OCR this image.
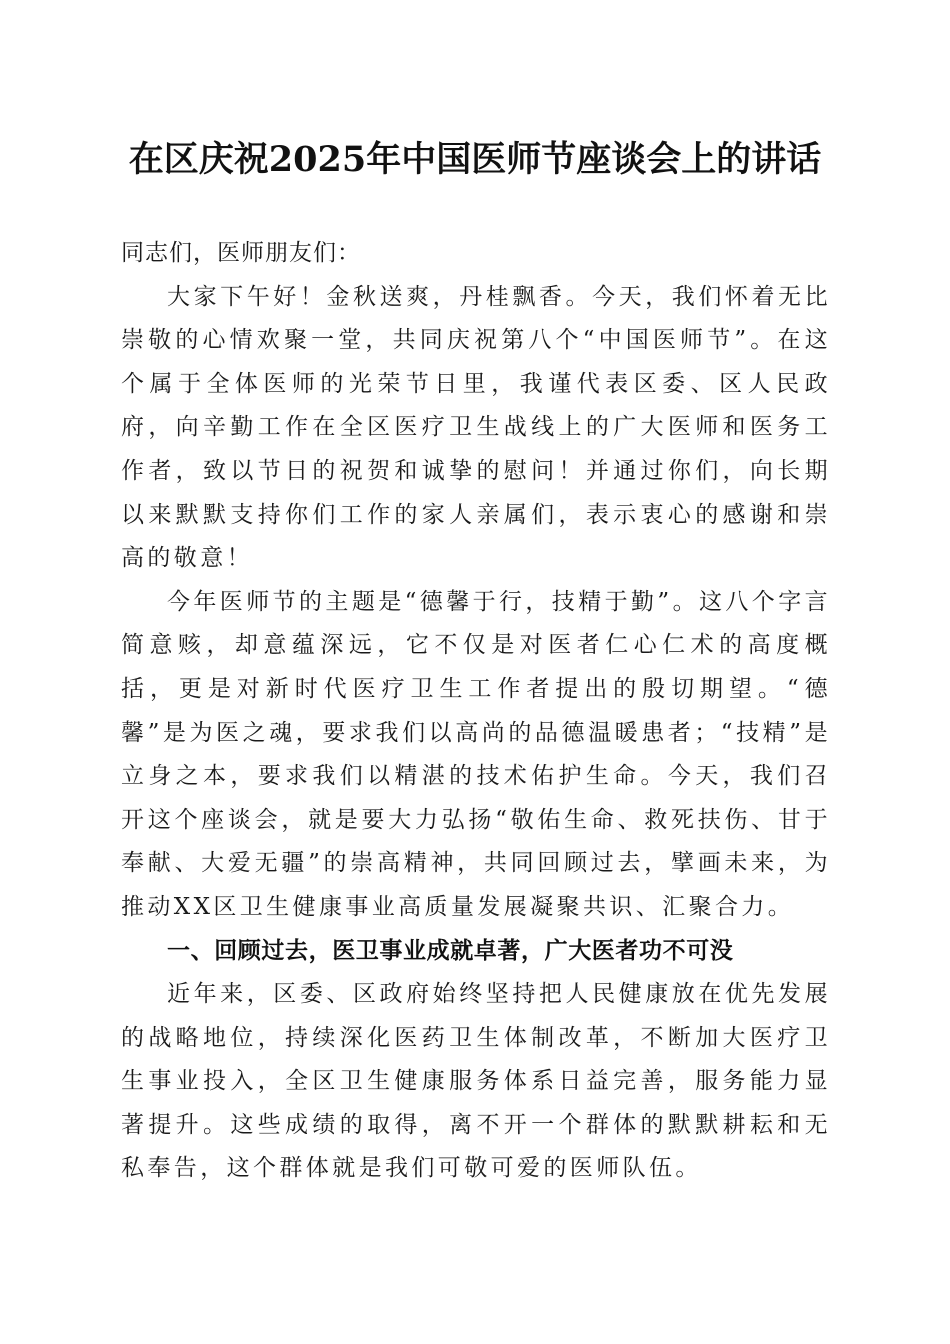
在区庆祝2025年中国医师节座谈会上的讲话

同志们，医师朋友们：

大家下午好！金秋送爽，丹桂飘香。今天，我们怀着无比崇敬的心情欢聚一堂，共同庆祝第八个“中国医师节”。在这个属于全体医师的光荣节日里，我谨代表区委、区人民政府，向辛勤工作在全区医疗卫生战线上的广大医师和医务工作者，致以节日的祝贺和诚挚的慰问！并通过你们，向长期以来默默支持你们工作的家人亲属们，表示衷心的感谢和崇高的敬意！

今年医师节的主题是“德馨于行，技精于勤”。这八个字言简意赅，却意蕴深远，它不仅是对医者仁心仁术的高度概括，更是对新时代医疗卫生工作者提出的殷切期望。“德馨”是为医之魂，要求我们以高尚的品德温暖患者；“技精”是立身之本，要求我们以精湛的技术佑护生命。今天，我们召开这个座谈会，就是要大力弘扬“敬佑生命、救死扶伤、甘于奉献、大爱无疆”的崇高精神，共同回顾过去，擘画未来，为推动XX区卫生健康事业高质量发展凝聚共识、汇聚合力。

一、回顾过去，医卫事业成就卓著，广大医者功不可没

近年来，区委、区政府始终坚持把人民健康放在优先发展的战略地位，持续深化医药卫生体制改革，不断加大医疗卫生事业投入，全区卫生健康服务体系日益完善，服务能力显著提升。这些成绩的取得，离不开一个群体的默默耕耘和无私奉告，这个群体就是我们可敬可爱的医师队伍。
